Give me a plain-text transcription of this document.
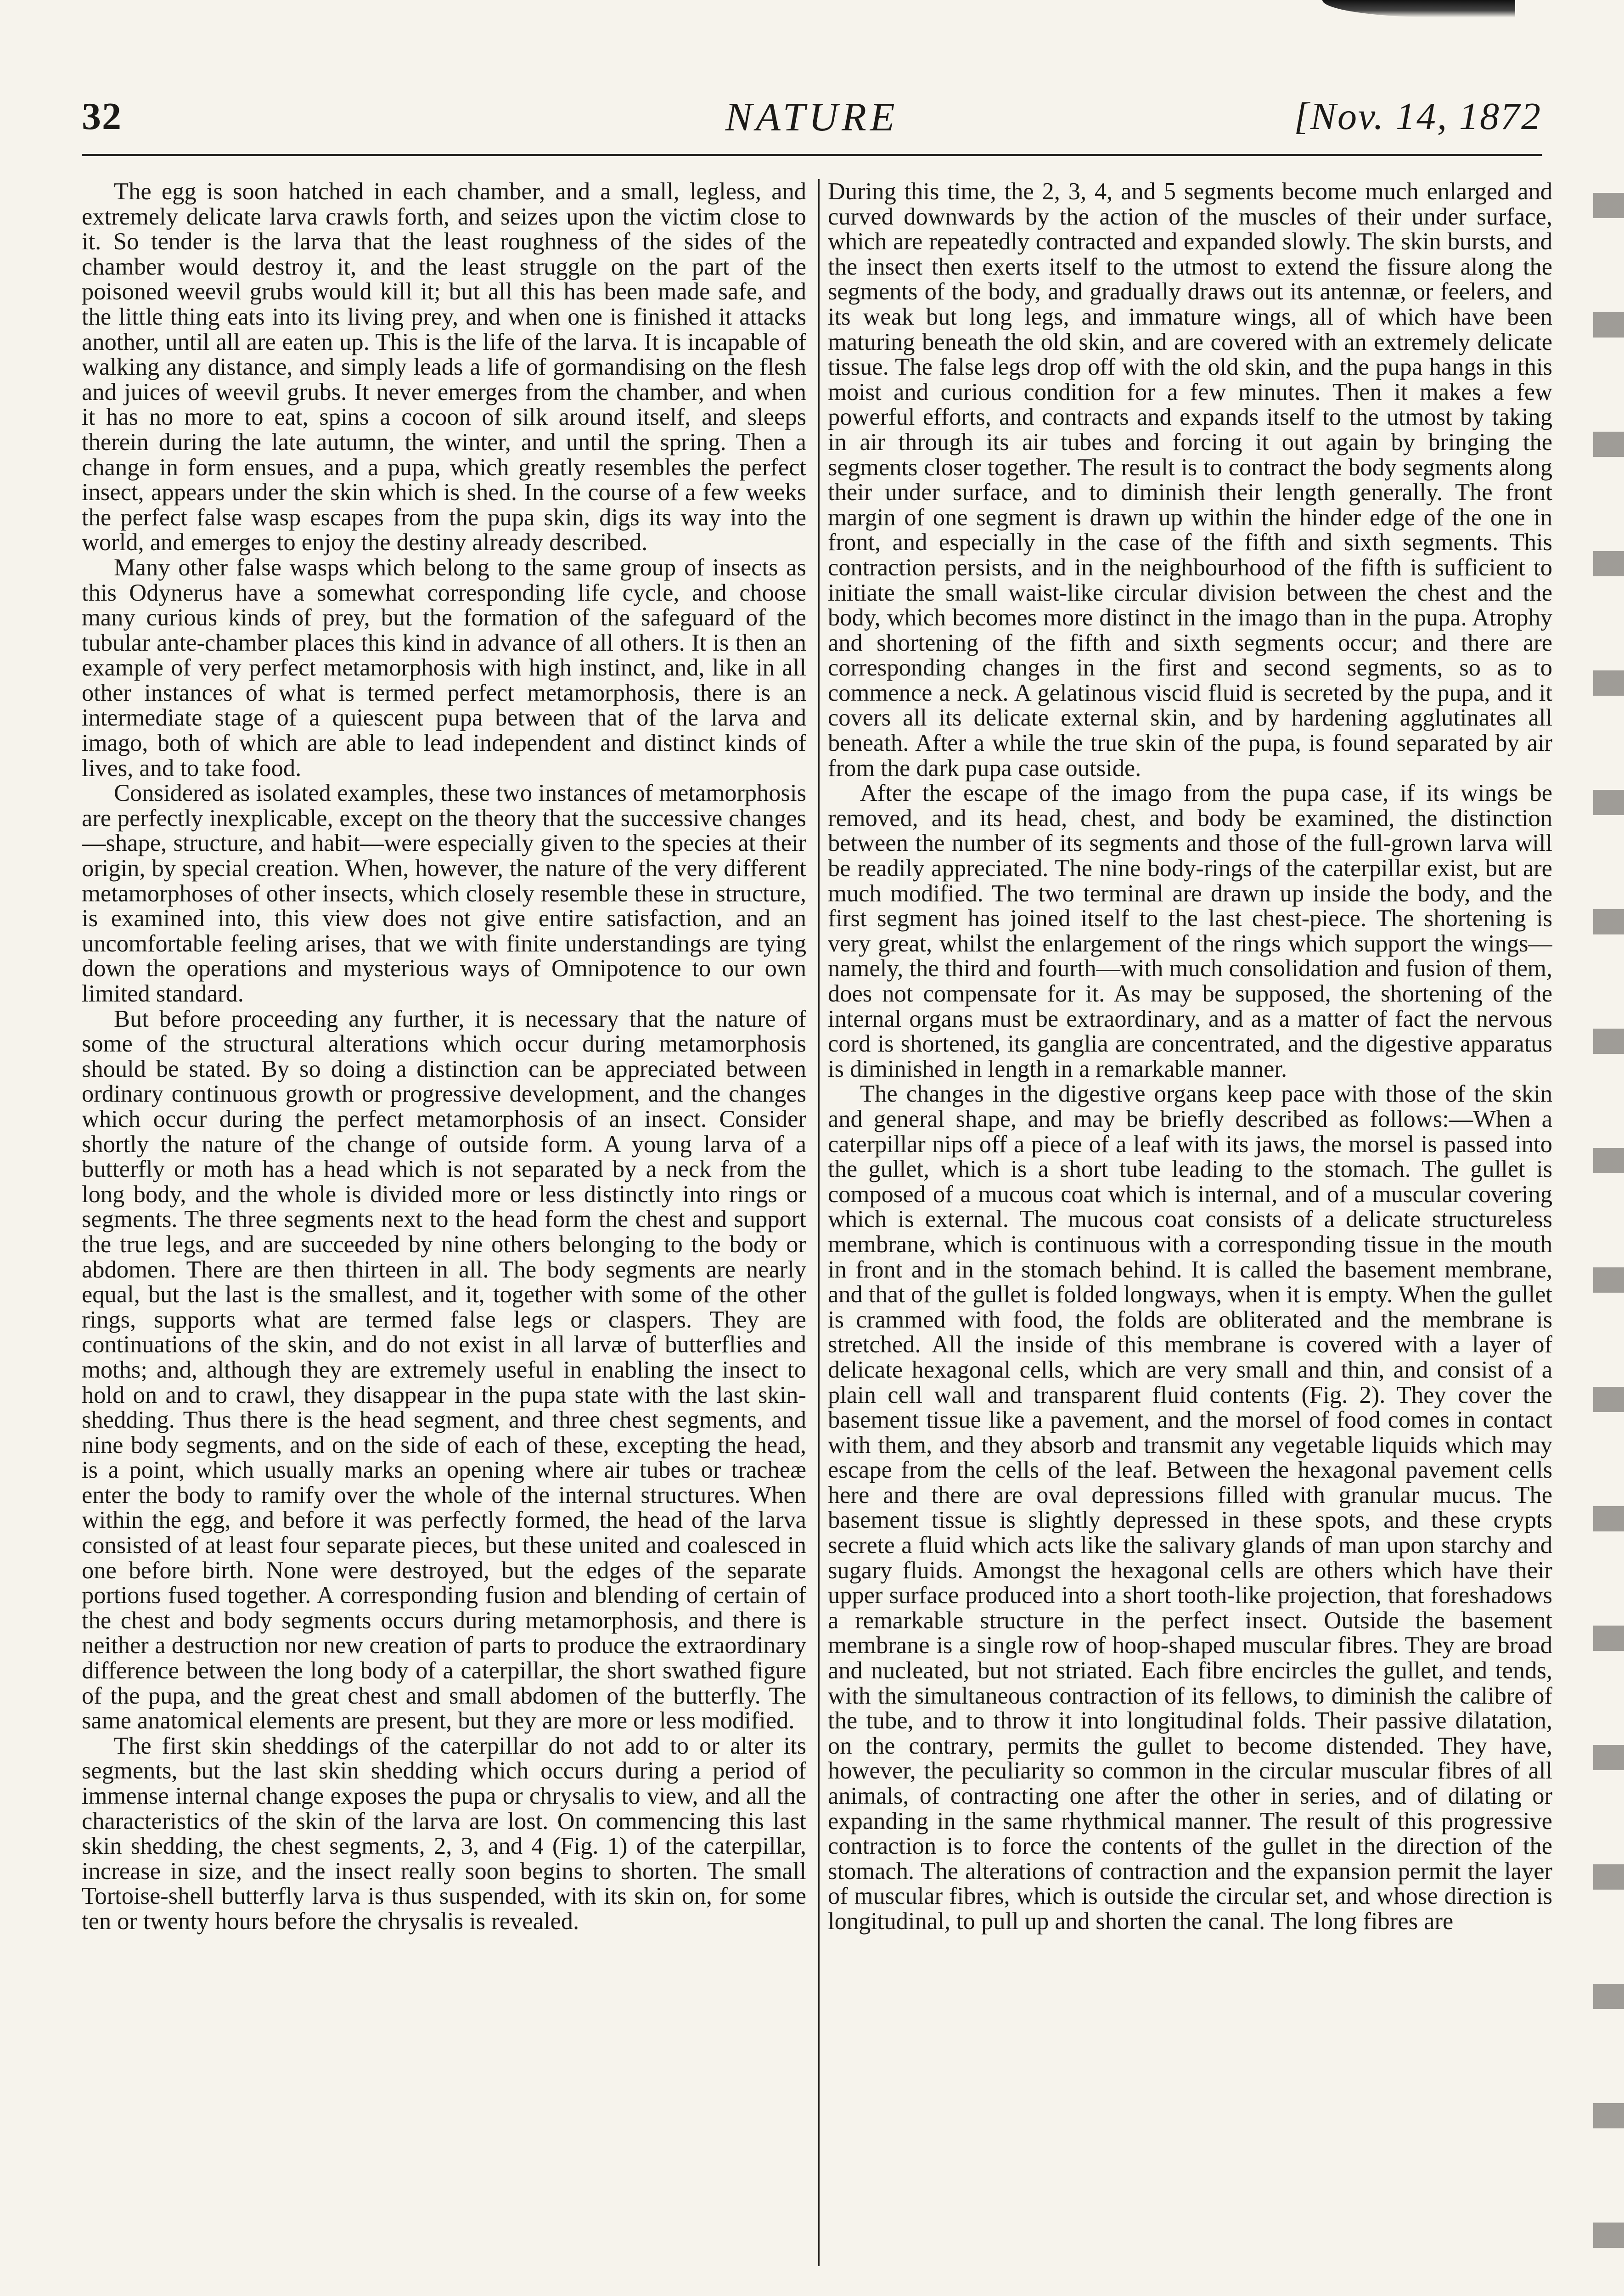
32	NATURE	[Nov. 14, 1872

The egg is soon hatched in each chamber, and a small, legless, and extremely delicate larva crawls forth, and seizes upon the victim close to it. So tender is the larva that the least roughness of the sides of the chamber would destroy it, and the least struggle on the part of the poisoned weevil grubs would kill it; but all this has been made safe, and the little thing eats into its living prey, and when one is finished it attacks another, until all are eaten up. This is the life of the larva. It is incapable of walking any distance, and simply leads a life of gormandising on the flesh and juices of weevil grubs. It never emerges from the chamber, and when it has no more to eat, spins a cocoon of silk around itself, and sleeps therein during the late autumn, the winter, and until the spring. Then a change in form ensues, and a pupa, which greatly resembles the perfect insect, appears under the skin which is shed. In the course of a few weeks the perfect false wasp escapes from the pupa skin, digs its way into the world, and emerges to enjoy the destiny already described.

Many other false wasps which belong to the same group of insects as this Odynerus have a somewhat corresponding life cycle, and choose many curious kinds of prey, but the formation of the safeguard of the tubular ante-chamber places this kind in advance of all others. It is then an example of very perfect metamorphosis with high instinct, and, like in all other instances of what is termed perfect metamorphosis, there is an intermediate stage of a quiescent pupa between that of the larva and imago, both of which are able to lead independent and distinct kinds of lives, and to take food.

Considered as isolated examples, these two instances of metamorphosis are perfectly inexplicable, except on the theory that the successive changes—shape, structure, and habit—were especially given to the species at their origin, by special creation. When, however, the nature of the very different metamorphoses of other insects, which closely resemble these in structure, is examined into, this view does not give entire satisfaction, and an uncomfortable feeling arises, that we with finite understandings are tying down the operations and mysterious ways of Omnipotence to our own limited standard.

But before proceeding any further, it is necessary that the nature of some of the structural alterations which occur during metamorphosis should be stated. By so doing a distinction can be appreciated between ordinary continuous growth or progressive development, and the changes which occur during the perfect metamorphosis of an insect. Consider shortly the nature of the change of outside form. A young larva of a butterfly or moth has a head which is not separated by a neck from the long body, and the whole is divided more or less distinctly into rings or segments. The three segments next to the head form the chest and support the true legs, and are succeeded by nine others belonging to the body or abdomen. There are then thirteen in all. The body segments are nearly equal, but the last is the smallest, and it, together with some of the other rings, supports what are termed false legs or claspers. They are continuations of the skin, and do not exist in all larvæ of butterflies and moths; and, although they are extremely useful in enabling the insect to hold on and to crawl, they disappear in the pupa state with the last skin-shedding. Thus there is the head segment, and three chest segments, and nine body segments, and on the side of each of these, excepting the head, is a point, which usually marks an opening where air tubes or tracheæ enter the body to ramify over the whole of the internal structures. When within the egg, and before it was perfectly formed, the head of the larva consisted of at least four separate pieces, but these united and coalesced in one before birth. None were destroyed, but the edges of the separate portions fused together. A corresponding fusion and blending of certain of the chest and body segments occurs during metamorphosis, and there is neither a destruction nor new creation of parts to produce the extraordinary difference between the long body of a caterpillar, the short swathed figure of the pupa, and the great chest and small abdomen of the butterfly. The same anatomical elements are present, but they are more or less modified.

The first skin sheddings of the caterpillar do not add to or alter its segments, but the last skin shedding which occurs during a period of immense internal change exposes the pupa or chrysalis to view, and all the characteristics of the skin of the larva are lost. On commencing this last skin shedding, the chest segments, 2, 3, and 4 (Fig. 1) of the caterpillar, increase in size, and the insect really soon begins to shorten. The small Tortoise-shell butterfly larva is thus suspended, with its skin on, for some ten or twenty hours before the chrysalis is revealed.

During this time, the 2, 3, 4, and 5 segments become much enlarged and curved downwards by the action of the muscles of their under surface, which are repeatedly contracted and expanded slowly. The skin bursts, and the insect then exerts itself to the utmost to extend the fissure along the segments of the body, and gradually draws out its antennæ, or feelers, and its weak but long legs, and immature wings, all of which have been maturing beneath the old skin, and are covered with an extremely delicate tissue. The false legs drop off with the old skin, and the pupa hangs in this moist and curious condition for a few minutes. Then it makes a few powerful efforts, and contracts and expands itself to the utmost by taking in air through its air tubes and forcing it out again by bringing the segments closer together. The result is to contract the body segments along their under surface, and to diminish their length generally. The front margin of one segment is drawn up within the hinder edge of the one in front, and especially in the case of the fifth and sixth segments. This contraction persists, and in the neighbourhood of the fifth is sufficient to initiate the small waist-like circular division between the chest and the body, which becomes more distinct in the imago than in the pupa. Atrophy and shortening of the fifth and sixth segments occur; and there are corresponding changes in the first and second segments, so as to commence a neck. A gelatinous viscid fluid is secreted by the pupa, and it covers all its delicate external skin, and by hardening agglutinates all beneath. After a while the true skin of the pupa, is found separated by air from the dark pupa case outside.

After the escape of the imago from the pupa case, if its wings be removed, and its head, chest, and body be examined, the distinction between the number of its segments and those of the full-grown larva will be readily appreciated. The nine body-rings of the caterpillar exist, but are much modified. The two terminal are drawn up inside the body, and the first segment has joined itself to the last chest-piece. The shortening is very great, whilst the enlargement of the rings which support the wings—namely, the third and fourth—with much consolidation and fusion of them, does not compensate for it. As may be supposed, the shortening of the internal organs must be extraordinary, and as a matter of fact the nervous cord is shortened, its ganglia are concentrated, and the digestive apparatus is diminished in length in a remarkable manner.

The changes in the digestive organs keep pace with those of the skin and general shape, and may be briefly described as follows:—When a caterpillar nips off a piece of a leaf with its jaws, the morsel is passed into the gullet, which is a short tube leading to the stomach. The gullet is composed of a mucous coat which is internal, and of a muscular covering which is external. The mucous coat consists of a delicate structureless membrane, which is continuous with a corresponding tissue in the mouth in front and in the stomach behind. It is called the basement membrane, and that of the gullet is folded longways, when it is empty. When the gullet is crammed with food, the folds are obliterated and the membrane is stretched. All the inside of this membrane is covered with a layer of delicate hexagonal cells, which are very small and thin, and consist of a plain cell wall and transparent fluid contents (Fig. 2). They cover the basement tissue like a pavement, and the morsel of food comes in contact with them, and they absorb and transmit any vegetable liquids which may escape from the cells of the leaf. Between the hexagonal pavement cells here and there are oval depressions filled with granular mucus. The basement tissue is slightly depressed in these spots, and these crypts secrete a fluid which acts like the salivary glands of man upon starchy and sugary fluids. Amongst the hexagonal cells are others which have their upper surface produced into a short tooth-like projection, that foreshadows a remarkable structure in the perfect insect. Outside the basement membrane is a single row of hoop-shaped muscular fibres. They are broad and nucleated, but not striated. Each fibre encircles the gullet, and tends, with the simultaneous contraction of its fellows, to diminish the calibre of the tube, and to throw it into longitudinal folds. Their passive dilatation, on the contrary, permits the gullet to become distended. They have, however, the peculiarity so common in the circular muscular fibres of all animals, of contracting one after the other in series, and of dilating or expanding in the same rhythmical manner. The result of this progressive contraction is to force the contents of the gullet in the direction of the stomach. The alterations of contraction and the expansion permit the layer of muscular fibres, which is outside the circular set, and whose direction is longitudinal, to pull up and shorten the canal. The long fibres are
